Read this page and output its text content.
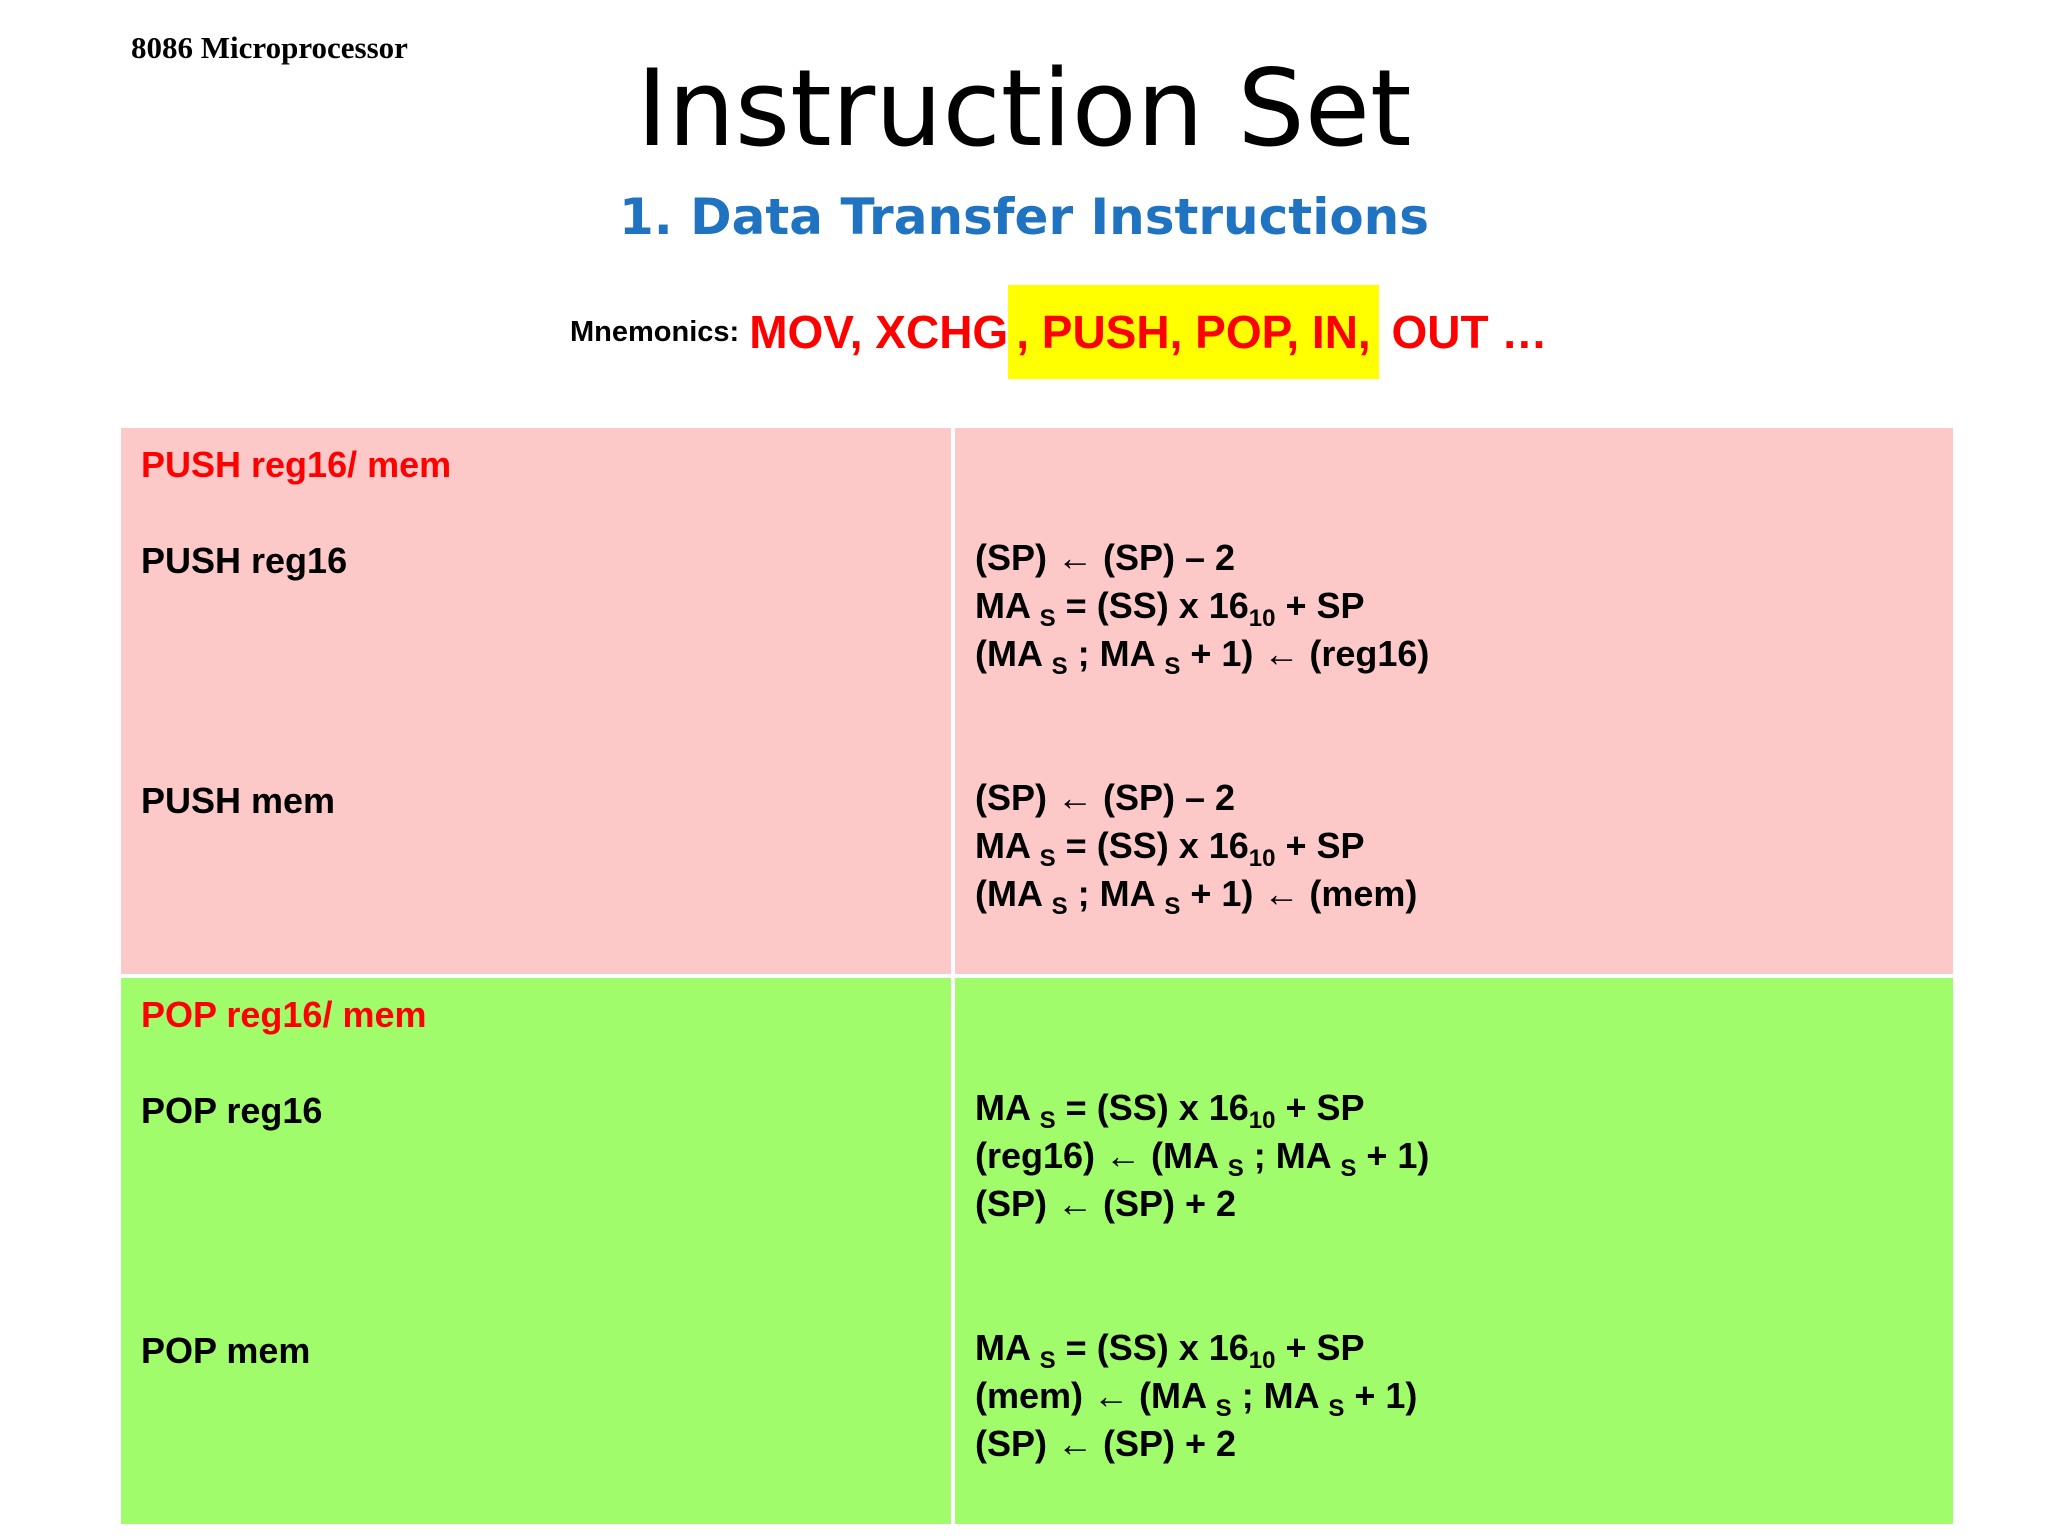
8086 Microprocessor	Instruction Set
1. Data Transfer Instructions
Mnemonics: MOV, XCHG , PUSH, POP, IN, OUT …
PUSH reg16/ mem
PUSH reg16
PUSH mem
(SP) ← (SP) – 2
MA $_S$ = (SS) x $16_{10}$ + SP
(MA $_S$ ; MA $_S$ + 1) ← (reg16)
(SP) ← (SP) – 2
MA $_S$ = (SS) x $16_{10}$ + SP
(MA $_S$ ; MA $_S$ + 1) ← (mem)
POP reg16/ mem
POP reg16
POP mem
MA $_S$ = (SS) x $16_{10}$ + SP
(reg16) ← (MA $_S$ ; MA $_S$ + 1)
(SP) ← (SP) + 2
MA $_S$ = (SS) x $16_{10}$ + SP
(mem) ← (MA $_S$ ; MA $_S$ + 1)
(SP) ← (SP) + 2
